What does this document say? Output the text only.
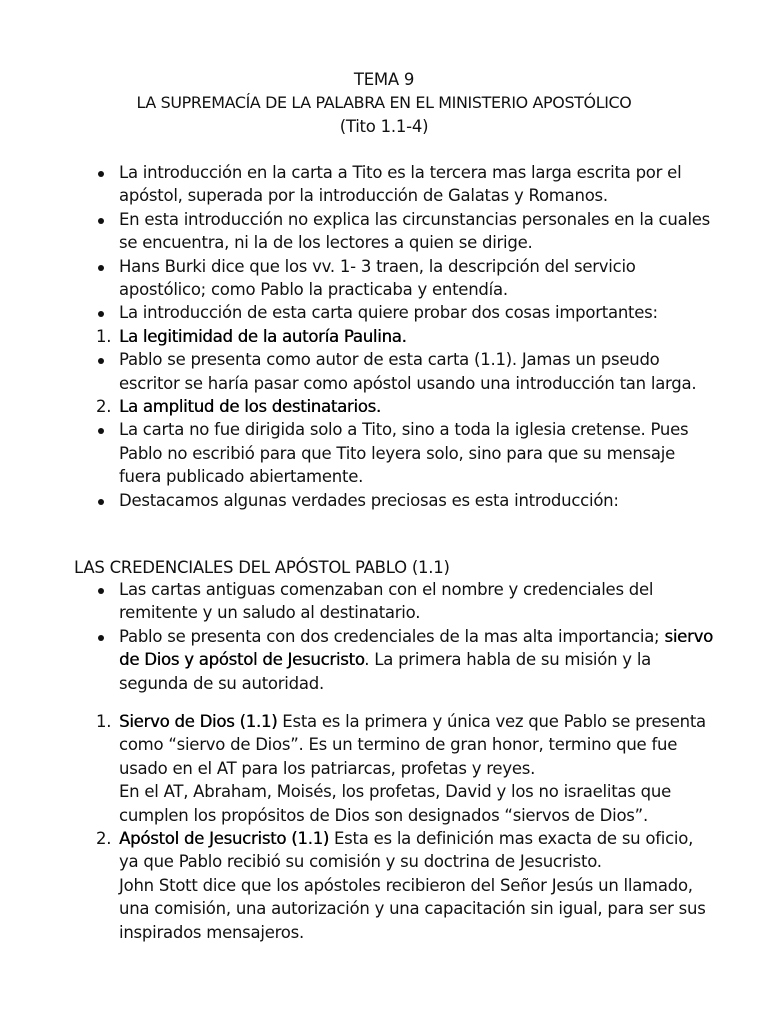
TEMA 9
LA SUPREMACÍA DE LA PALABRA EN EL MINISTERIO APOSTÓLICO
(Tito 1.1-4)
La introducción en la carta a Tito es la tercera mas larga escrita por el apóstol, superada por la introducción de Galatas y Romanos.
En esta introducción no explica las circunstancias personales en la cuales se encuentra, ni la de los lectores a quien se dirige.
Hans Burki dice que los vv. 1- 3 traen, la descripción del servicio apostólico; como Pablo la practicaba y entendía.
La introducción de esta carta quiere probar dos cosas importantes:
1. La legitimidad de la autoría Paulina.
Pablo se presenta como autor de esta carta (1.1). Jamas un pseudo escritor se haría pasar como apóstol usando una introducción tan larga.
2. La amplitud de los destinatarios.
La carta no fue dirigida solo a Tito, sino a toda la iglesia cretense. Pues Pablo no escribió para que Tito leyera solo, sino para que su mensaje fuera publicado abiertamente.
Destacamos algunas verdades preciosas es esta introducción:
LAS CREDENCIALES DEL APÓSTOL PABLO (1.1)
Las cartas antiguas comenzaban con el nombre y credenciales del remitente y un saludo al destinatario.
Pablo se presenta con dos credenciales de la mas alta importancia; siervo de Dios y apóstol de Jesucristo. La primera habla de su misión y la segunda de su autoridad.
1. Siervo de Dios (1.1) Esta es la primera y única vez que Pablo se presenta como “siervo de Dios”. Es un termino de gran honor, termino que fue usado en el AT para los patriarcas, profetas y reyes.
En el AT, Abraham, Moisés, los profetas, David y los no israelitas que cumplen los propósitos de Dios son designados “siervos de Dios”.
2. Apóstol de Jesucristo (1.1) Esta es la definición mas exacta de su oficio, ya que Pablo recibió su comisión y su doctrina de Jesucristo.
John Stott dice que los apóstoles recibieron del Señor Jesús un llamado, una comisión, una autorización y una capacitación sin igual, para ser sus inspirados mensajeros.
